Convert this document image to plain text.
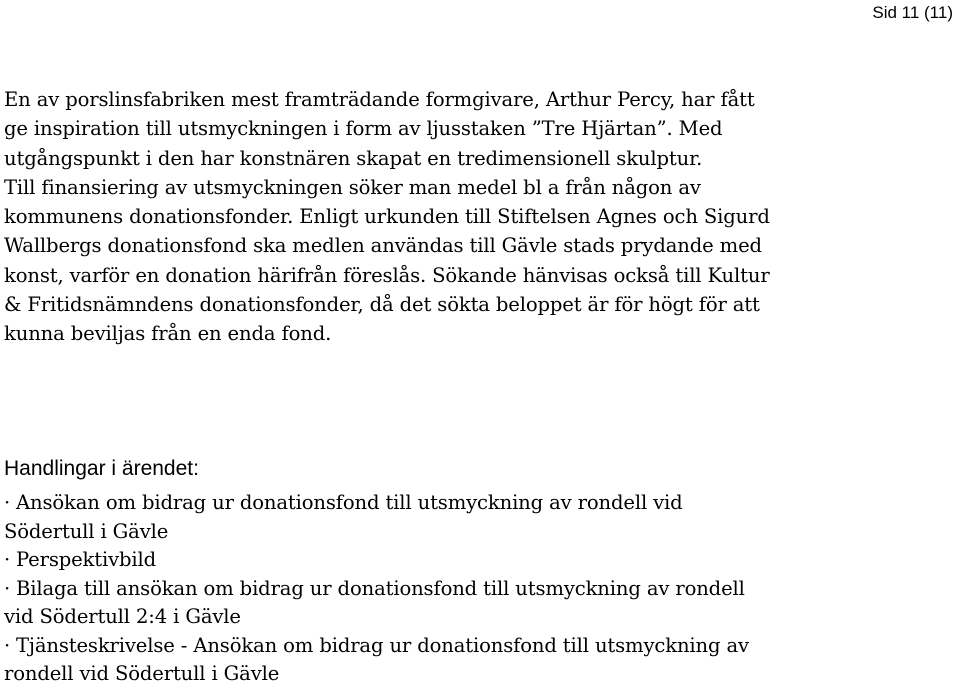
Sid 11 (11)

En av porslinsfabriken mest framträdande formgivare, Arthur Percy, har fått
ge inspiration till utsmyckningen i form av ljusstaken ”Tre Hjärtan”. Med
utgångspunkt i den har konstnären skapat en tredimensionell skulptur.
Till finansiering av utsmyckningen söker man medel bl a från någon av
kommunens donationsfonder. Enligt urkunden till Stiftelsen Agnes och Sigurd
Wallbergs donationsfond ska medlen användas till Gävle stads prydande med
konst, varför en donation härifrån föreslås. Sökande hänvisas också till Kultur
& Fritidsnämndens donationsfonder, då det sökta beloppet är för högt för att
kunna beviljas från en enda fond.

Handlingar i ärendet:
· Ansökan om bidrag ur donationsfond till utsmyckning av rondell vid
Södertull i Gävle
· Perspektivbild
· Bilaga till ansökan om bidrag ur donationsfond till utsmyckning av rondell
vid Södertull 2:4 i Gävle
· Tjänsteskrivelse - Ansökan om bidrag ur donationsfond till utsmyckning av
rondell vid Södertull i Gävle
